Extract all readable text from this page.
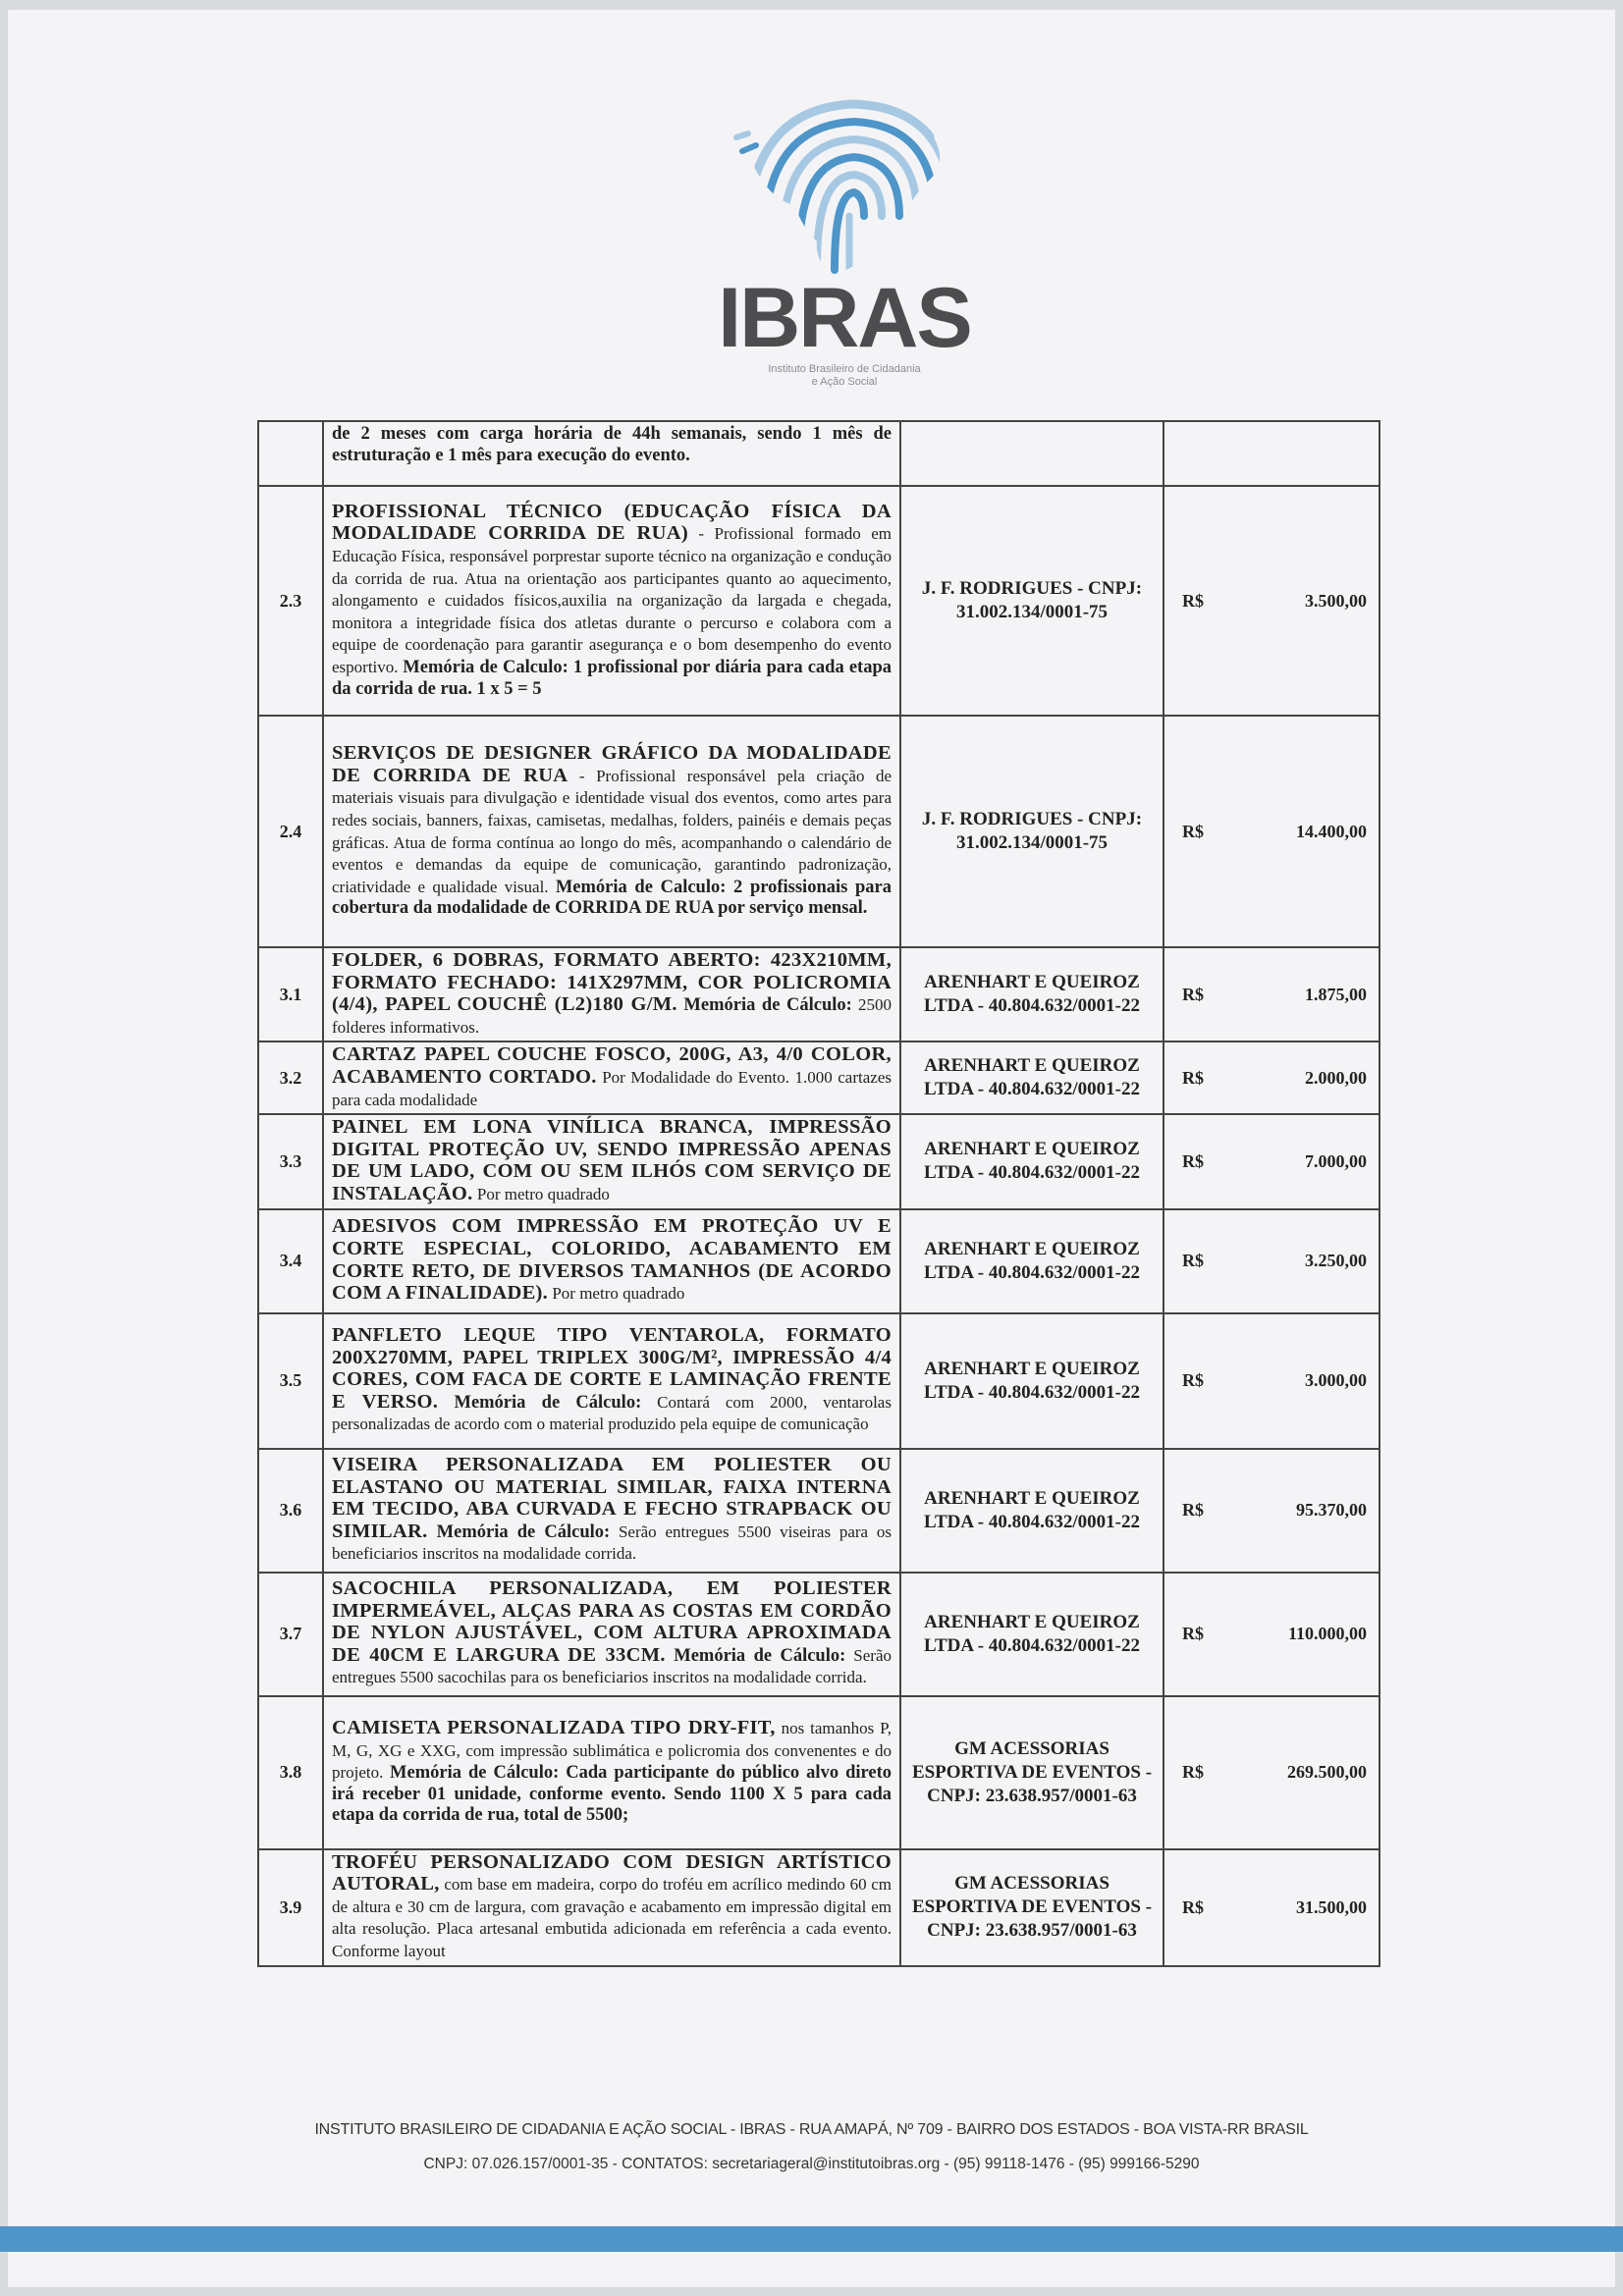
IBRAS
Instituto Brasileiro de Cidadania
e Ação Social
	de 2 meses com carga horária de 44h semanais, sendo 1 mês de estruturação e 1 mês para execução do evento.		

2.3	PROFISSIONAL TÉCNICO (EDUCAÇÃO FÍSICA DA MODALIDADE CORRIDA DE RUA) - Profissional formado em Educação Física, responsável porprestar suporte técnico na organização e condução da corrida de rua. Atua na orientação aos participantes quanto ao aquecimento, alongamento e cuidados físicos,auxilia na organização da largada e chegada, monitora a integridade física dos atletas durante o percurso e colabora com a equipe de coordenação para garantir asegurança e o bom desempenho do evento esportivo. Memória de Calculo: 1 profissional por diária para cada etapa da corrida de rua. 1 x 5 = 5	J. F. RODRIGUES - CNPJ: 31.002.134/0001-75	R$ 3.500,00

2.4	SERVIÇOS DE DESIGNER GRÁFICO DA MODALIDADE DE CORRIDA DE RUA - Profissional responsável pela criação de materiais visuais para divulgação e identidade visual dos eventos, como artes para redes sociais, banners, faixas, camisetas, medalhas, folders, painéis e demais peças gráficas. Atua de forma contínua ao longo do mês, acompanhando o calendário de eventos e demandas da equipe de comunicação, garantindo padronização, criatividade e qualidade visual. Memória de Calculo: 2 profissionais para cobertura da modalidade de CORRIDA DE RUA por serviço mensal.	J. F. RODRIGUES - CNPJ: 31.002.134/0001-75	R$ 14.400,00

3.1	FOLDER, 6 DOBRAS, FORMATO ABERTO: 423X210MM, FORMATO FECHADO: 141X297MM, COR POLICROMIA (4/4), PAPEL COUCHÊ (L2)180 G/M. Memória de Cálculo: 2500 folderes informativos.	ARENHART E QUEIROZ LTDA - 40.804.632/0001-22	R$ 1.875,00

3.2	CARTAZ PAPEL COUCHE FOSCO, 200G, A3, 4/0 COLOR, ACABAMENTO CORTADO. Por Modalidade do Evento. 1.000 cartazes para cada modalidade	ARENHART E QUEIROZ LTDA - 40.804.632/0001-22	R$ 2.000,00

3.3	PAINEL EM LONA VINÍLICA BRANCA, IMPRESSÃO DIGITAL PROTEÇÃO UV, SENDO IMPRESSÃO APENAS DE UM LADO, COM OU SEM ILHÓS COM SERVIÇO DE INSTALAÇÃO. Por metro quadrado	ARENHART E QUEIROZ LTDA - 40.804.632/0001-22	R$ 7.000,00

3.4	ADESIVOS COM IMPRESSÃO EM PROTEÇÃO UV E CORTE ESPECIAL, COLORIDO, ACABAMENTO EM CORTE RETO, DE DIVERSOS TAMANHOS (DE ACORDO COM A FINALIDADE). Por metro quadrado	ARENHART E QUEIROZ LTDA - 40.804.632/0001-22	R$ 3.250,00

3.5	PANFLETO LEQUE TIPO VENTAROLA, FORMATO 200X270MM, PAPEL TRIPLEX 300G/M², IMPRESSÃO 4/4 CORES, COM FACA DE CORTE E LAMINAÇÃO FRENTE E VERSO. Memória de Cálculo: Contará com 2000, ventarolas personalizadas de acordo com o material produzido pela equipe de comunicação	ARENHART E QUEIROZ LTDA - 40.804.632/0001-22	R$ 3.000,00

3.6	VISEIRA PERSONALIZADA EM POLIESTER OU ELASTANO OU MATERIAL SIMILAR, FAIXA INTERNA EM TECIDO, ABA CURVADA E FECHO STRAPBACK OU SIMILAR. Memória de Cálculo: Serão entregues 5500 viseiras para os beneficiarios inscritos na modalidade corrida.	ARENHART E QUEIROZ LTDA - 40.804.632/0001-22	R$ 95.370,00

3.7	SACOCHILA PERSONALIZADA, EM POLIESTER IMPERMEÁVEL, ALÇAS PARA AS COSTAS EM CORDÃO DE NYLON AJUSTÁVEL, COM ALTURA APROXIMADA DE 40CM E LARGURA DE 33CM. Memória de Cálculo: Serão entregues 5500 sacochilas para os beneficiarios inscritos na modalidade corrida.	ARENHART E QUEIROZ LTDA - 40.804.632/0001-22	R$ 110.000,00

3.8	CAMISETA PERSONALIZADA TIPO DRY-FIT, nos tamanhos P, M, G, XG e XXG, com impressão sublimática e policromia dos convenentes e do projeto. Memória de Cálculo: Cada participante do público alvo direto irá receber 01 unidade, conforme evento. Sendo 1100 X 5 para cada etapa da corrida de rua, total de 5500;	GM ACESSORIAS ESPORTIVA DE EVENTOS - CNPJ: 23.638.957/0001-63	R$ 269.500,00

3.9	TROFÉU PERSONALIZADO COM DESIGN ARTÍSTICO AUTORAL, com base em madeira, corpo do troféu em acrílico medindo 60 cm de altura e 30 cm de largura, com gravação e acabamento em impressão digital em alta resolução. Placa artesanal embutida adicionada em referência a cada evento. Conforme layout	GM ACESSORIAS ESPORTIVA DE EVENTOS - CNPJ: 23.638.957/0001-63	R$ 31.500,00
INSTITUTO BRASILEIRO DE CIDADANIA E AÇÃO SOCIAL - IBRAS - RUA AMAPÁ, Nº 709 - BAIRRO DOS ESTADOS - BOA VISTA-RR BRASIL
CNPJ: 07.026.157/0001-35 - CONTATOS: secretariageral@institutoibras.org - (95) 99118-1476 - (95) 999166-5290
